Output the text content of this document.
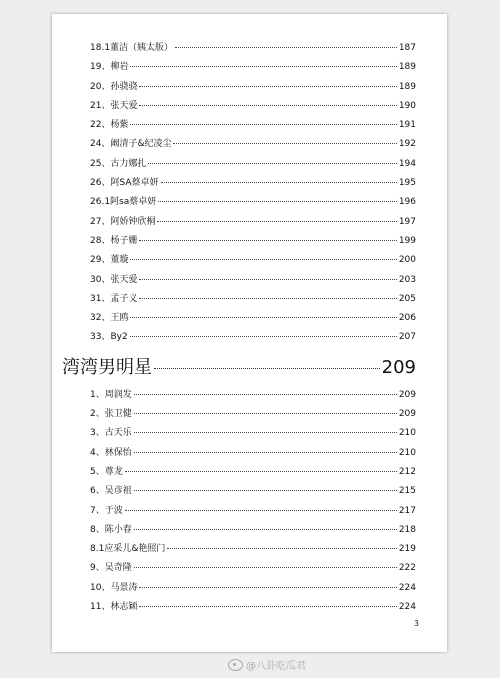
18.1董洁（姨太版）	187
19、柳岩	189
20、孙骁骁	189
21、张天爱	190
22、杨紫	191
24、阚清子&纪凌尘	192
25、古力娜扎	194
26、阿SA蔡卓妍	195
26.1阿sa蔡卓妍	196
27、阿娇钟欣桐	197
28、杨子姗	199
29、董璇	200
30、张天爱	203
31、孟子义	205
32、王鸥	206
33、By2	207
湾湾男明星	209
1、周润发	209
2、张卫健	209
3、古天乐	210
4、林保怡	210
5、尊龙	212
6、吴彦祖	215
7、于波	217
8、陈小春	218
8.1应采儿&艳照门	219
9、吴奇隆	222
10、马景涛	224
11、林志颖	224
3
@八卦吃瓜君
